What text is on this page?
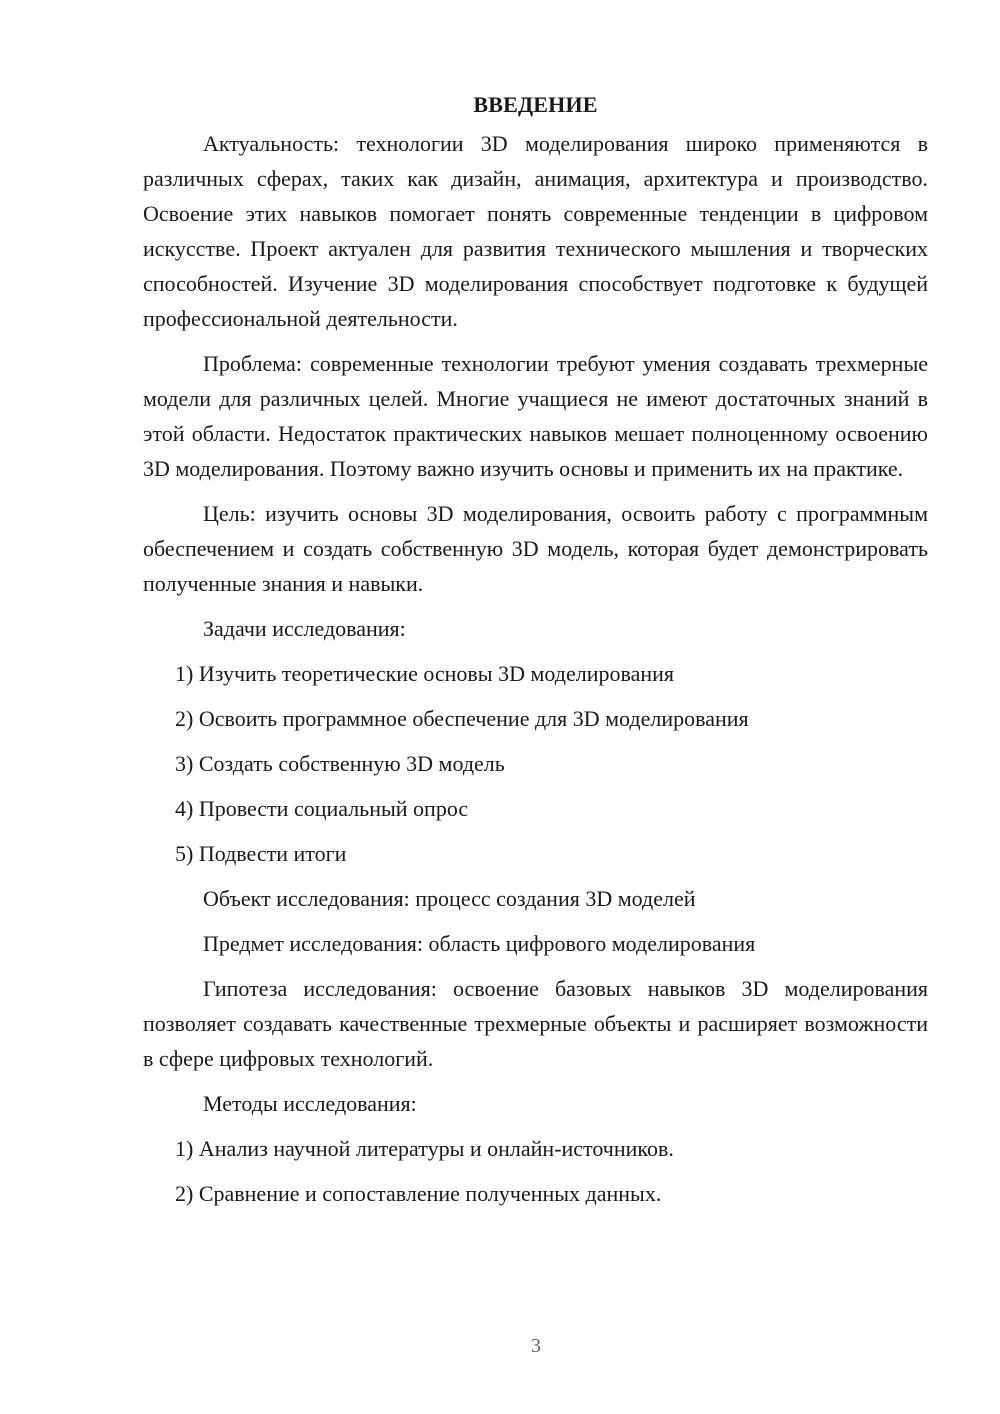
ВВЕДЕНИЕ

Актуальность: технологии 3D моделирования широко применяются в различных сферах, таких как дизайн, анимация, архитектура и производство. Освоение этих навыков помогает понять современные тенденции в цифровом искусстве. Проект актуален для развития технического мышления и творческих способностей. Изучение 3D моделирования способствует подготовке к будущей профессиональной деятельности.

Проблема: современные технологии требуют умения создавать трехмерные модели для различных целей. Многие учащиеся не имеют достаточных знаний в этой области. Недостаток практических навыков мешает полноценному освоению 3D моделирования. Поэтому важно изучить основы и применить их на практике.

Цель: изучить основы 3D моделирования, освоить работу с программным обеспечением и создать собственную 3D модель, которая будет демонстрировать полученные знания и навыки.

Задачи исследования:
1) Изучить теоретические основы 3D моделирования
2) Освоить программное обеспечение для 3D моделирования
3) Создать собственную 3D модель
4) Провести социальный опрос
5) Подвести итоги
Объект исследования: процесс создания 3D моделей
Предмет исследования: область цифрового моделирования

Гипотеза исследования: освоение базовых навыков 3D моделирования позволяет создавать качественные трехмерные объекты и расширяет возможности в сфере цифровых технологий.

Методы исследования:
1) Анализ научной литературы и онлайн-источников.
2) Сравнение и сопоставление полученных данных.
3
